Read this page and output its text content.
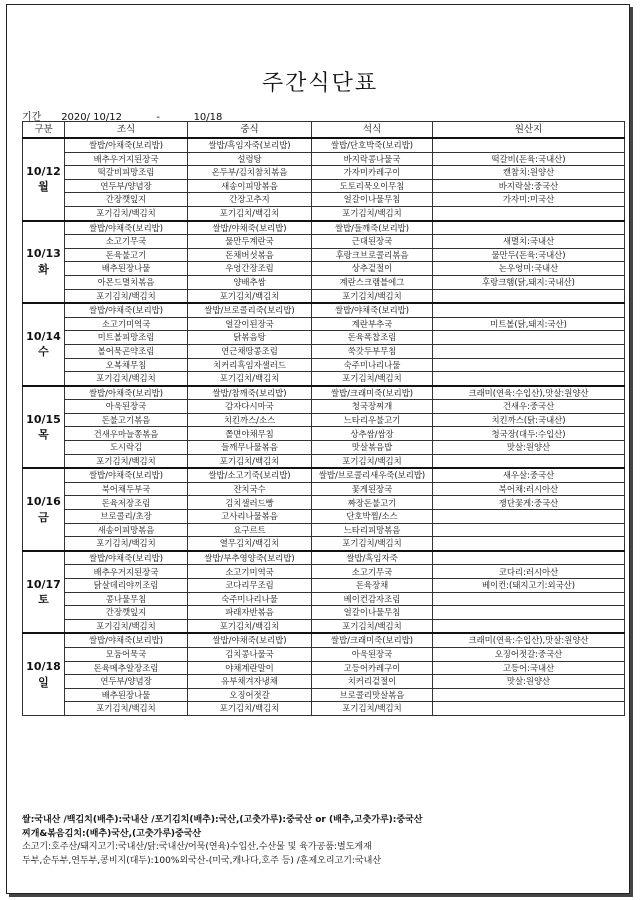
주간식단표
기간 2020/ 10/12	-	10/18
구분	조식	중식	석식	원산지

10/12
월	쌀밥/아채죽(보리밥)	쌀밥/흑임자죽(보리밥)	쌀밥/단호박죽(보리밥)	
	배추우거지된장국	설렁탕	바지락콩나물국	떡갈비(돈육:국내산)
	떡갈비피망조림	온두부/김치참치볶음	가자미카레구이	캔참치:원양산
	연두부/양념장	새송이피망볶음	도토리묵오이무침	바지락살:중국산
	간장깻잎지	간장고추지	얼갈이나물무침	가자미:미국산
	포기김치/백김치	포기김치/백김치	포기김치/백김치	

10/13
화	쌀밥/야채죽(보리밥)	쌀밥/야채죽(보리밥)	쌀밥/들깨죽(보리밥)	
	소고기무국	물만두계란국	근대된장국	새멸치:국내산
	돈육불고기	돈채버섯볶음	후랑크브로콜리볶음	물만두(돈육:국내산)
	배추된장나물	우엉간장조림	상추겉절이	논우엉미:국내산
	아몬드멸치볶음	양배추쌈	계란스크램블에그	후랑크햄(닭,돼지:국내산)
	포기김치/백김치	포기김치/백김치	포기김치/백김치	

10/14
수	쌀밥/야채죽(보리밥)	쌀밥/브로콜리죽(보리밥)	쌀밥/야채죽(보리밥)	
	소고기미역국	얼갈이된장국	계란부추국	미트볼(닭,돼지:국산)
	미트볼피망조림	닭볶음탕	돈육폭찹조림	
	볼어묵곤약조림	연근채땅콩조림	쑥갓두부무침	
	오복채무침	치커리흑임자샐러드	숙주미나리나물	
	포기김치/백김치	포기김치/백김치	포기김치/백김치	

10/15
목	쌀밥/아채죽(보리밥)	쌀밥/참깨죽(보리밥)	쌀밥/크래미죽(보리밥)	크래미(연육:수입산),맛살:원양산
	아욱된장국	감자다시마국	청국장찌개	건새우:중국산
	돈불고기볶음	치킨까스/소스	느타리우불고기	치킨까스(닭:국내산)
	건새우마늘쫑볶음	쫄면야채무침	상추쌈/쌈장	청국장(대두:수입산)
	도시락김	들깨무나물볶음	맛살볶음밥	맛살:원양산
	포기김치/백김치	포기김치/백김치	포기김치/백김치	

10/16
금	쌀밥/야채죽(보리밥)	쌀밥/소고기죽(보리밥)	쌀밥/브로콜리새우죽(보리밥)	새우살:중국산
	북어채두부국	잔치국수	꽃게된장국	북어채:러시아산
	돈육저장조림	김치샐러드빵	짜장돈불고기	쟁단꽃게:중국산
	브로콜리/초장	고사리나물볶음	단호박찜/소스	
	새송이피망볶음	요구르트	느타리피망볶음	
	포기김치/백김치	열무김치/백김치	포기김치/백김치	

10/17
토	쌀밥/야채죽(보리밥)	쌀밥/부추영양죽(보리밥)	쌀밥/흑임자죽	
	배추우거지된장국	소고기미역국	소고기무국	코다리:러시아산
	닭살데리야끼조림	코다리무조림	돈육장채	베이컨:(돼지고기:외국산)
	콩나물무침	숙주미나리나물	베이컨감자조림	
	간장깻잎지	파래자반볶음	얼갈이나물무침	
	포기김치/백김치	포기김치/백김치	포기김치/백김치	

10/18
일	쌀밥/야채죽(보리밥)	쌀밥/야채죽(보리밥)	쌀밥/크래미죽(보리밥)	크래미(연육:수입산),맛살:원양산
	모둠어묵국	김치콩나물국	아욱된장국	오징어젓갈:중국산
	돈육메추알장조림	야채계란말이	고등어카레구이	고등어:국내산
	연두부/양념장	유부채겨자냉채	치커리겉절이	맛살:원양산
	배추된장나물	오징어젓갈	브로콜리맛살볶음	
	포기김치/백김치	포기김치/백김치	포기김치/백김치	
쌀:국내산 /백김치(배추):국내산 /포기김치(배추):국산,(고춧가루):중국산 or (배추,고춧가루):중국산
찌개&볶음김치:(배추)국산,(고춧가루)중국산
소고기:호주산/돼지고기:국내산/닭:국내산/어묵(연육)수입산,수산물 및 육가공품:별도게재
두부,순두부,연두부,콩비지(대두):100%외국산-(미국,캐나다,호주 등) /훈제오리고기:국내산
